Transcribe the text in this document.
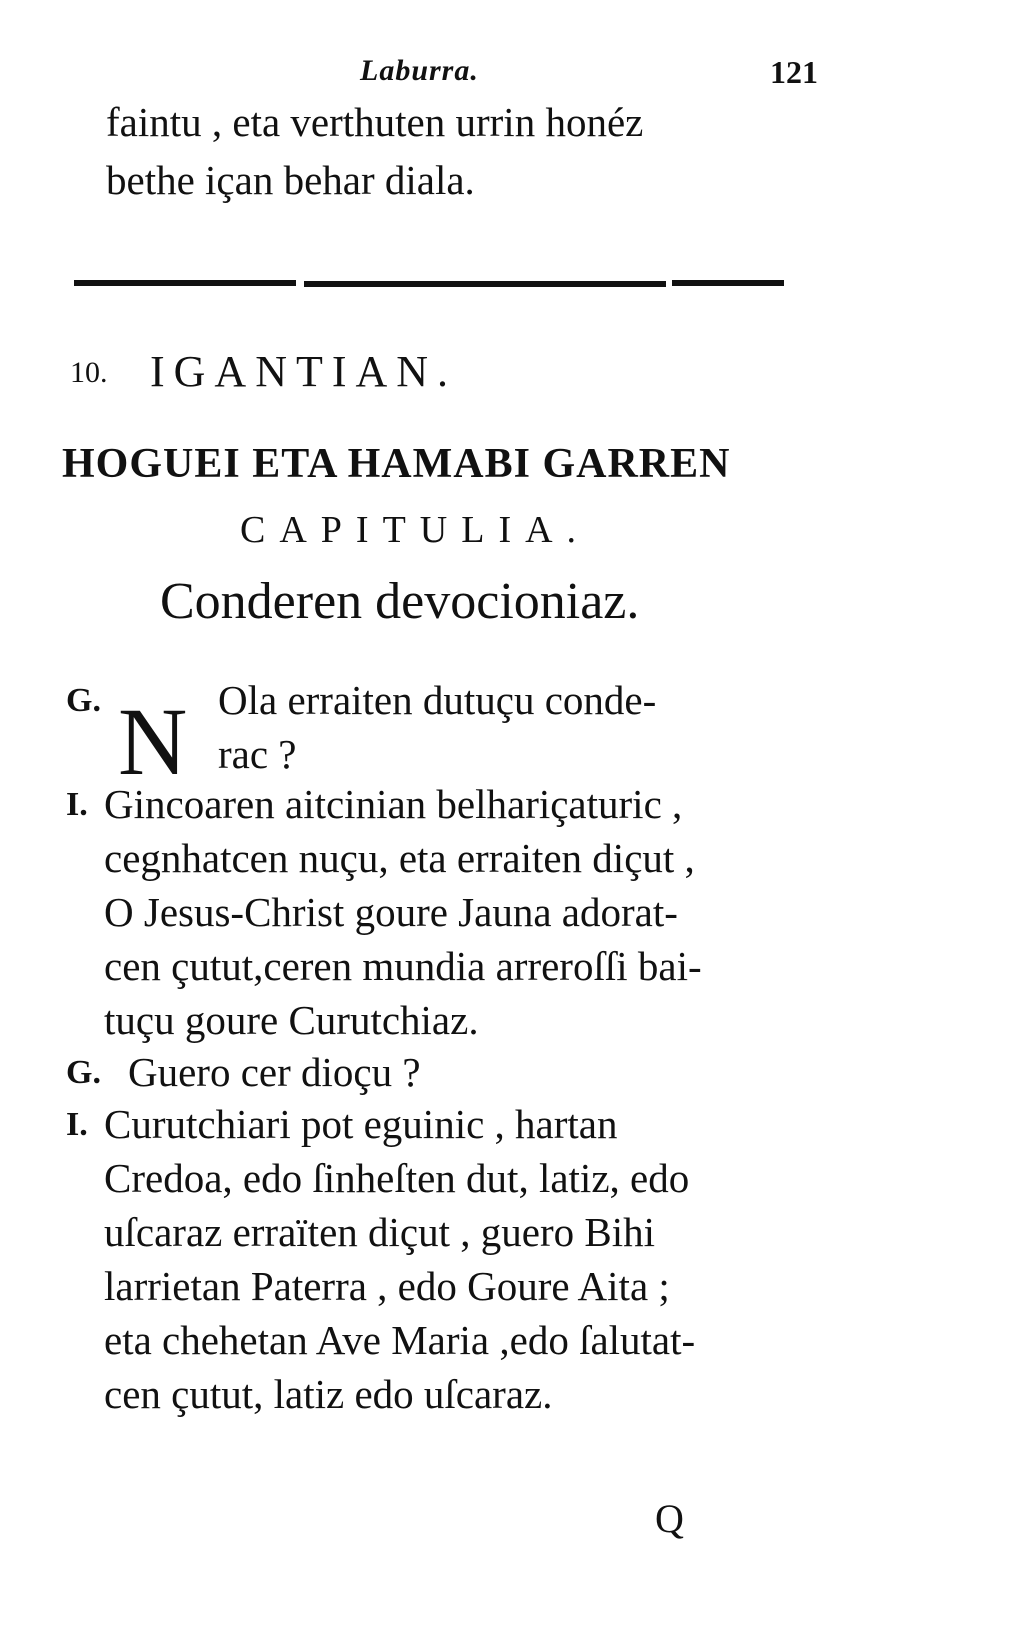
Laburra.	121
faintu , eta verthuten urrin honéz
bethe içan behar diala.
10. IGANTIAN.
HOGUEI ETA HAMABI GARREN
CAPITULIA.
Conderen devocioniaz.
G. N Ola erraiten dutuçu conde-
rac ?
I. Gincoaren aitcinian belhariçaturic ,
cegnhatcen nuçu, eta erraiten diçut ,
O Jesus-Christ goure Jauna adorat-
cen çutut,ceren mundia arreroſſi bai-
tuçu goure Curutchiaz.
G. Guero cer dioçu ?
I. Curutchiari pot eguinic , hartan
Credoa, edo ſinheſten dut, latiz, edo
uſcaraz erraïten diçut , guero Bihi
larrietan Paterra , edo Goure Aita ;
eta chehetan Ave Maria ,edo ſalutat-
cen çutut, latiz edo uſcaraz.
Q
